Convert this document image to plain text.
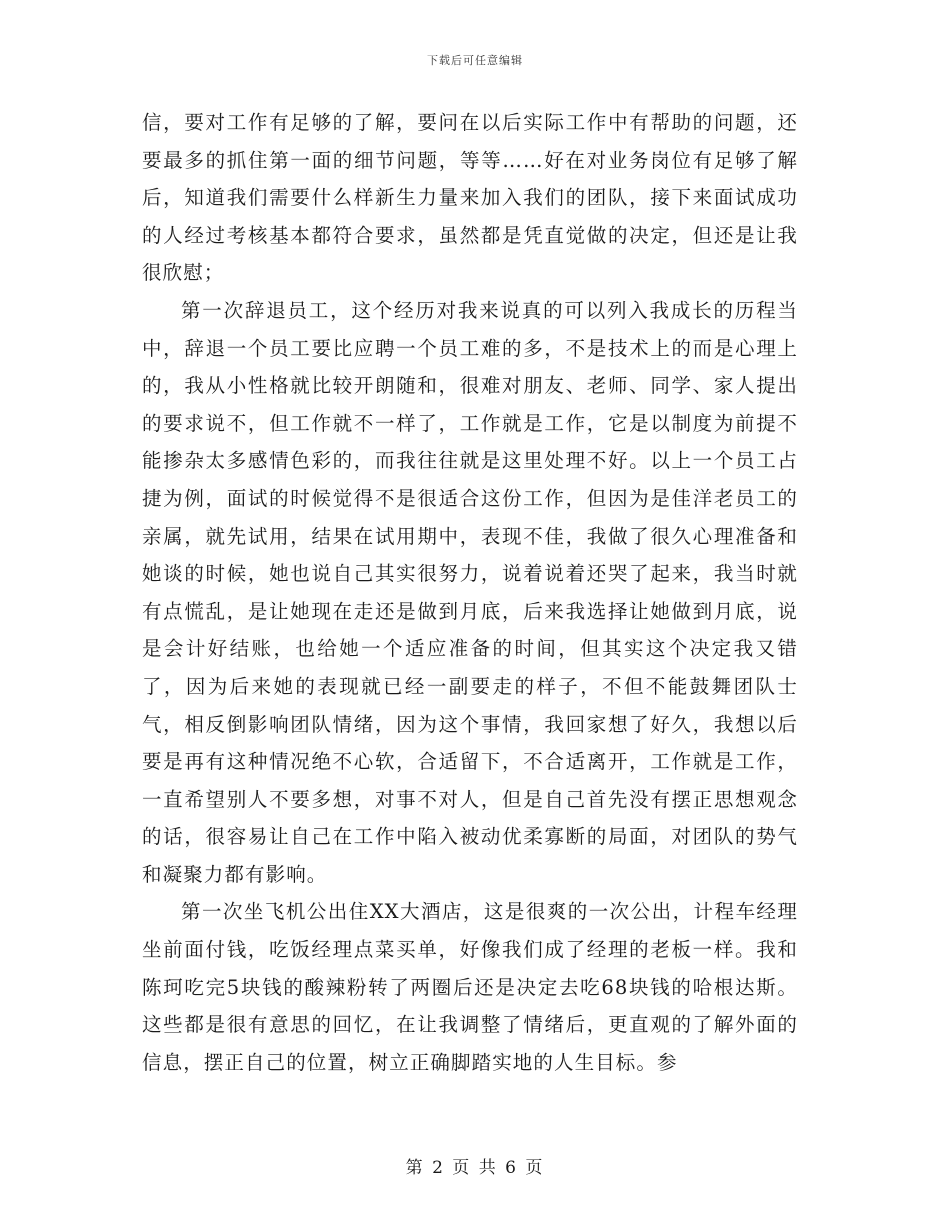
下载后可任意编辑

信，要对工作有足够的了解，要问在以后实际工作中有帮助的问题，还要最多的抓住第一面的细节问题，等等……好在对业务岗位有足够了解后，知道我们需要什么样新生力量来加入我们的团队，接下来面试成功的人经过考核基本都符合要求，虽然都是凭直觉做的决定，但还是让我很欣慰；

第一次辞退员工，这个经历对我来说真的可以列入我成长的历程当中，辞退一个员工要比应聘一个员工难的多，不是技术上的而是心理上的，我从小性格就比较开朗随和，很难对朋友、老师、同学、家人提出的要求说不，但工作就不一样了，工作就是工作，它是以制度为前提不能掺杂太多感情色彩的，而我往往就是这里处理不好。以上一个员工占捷为例，面试的时候觉得不是很适合这份工作，但因为是佳洋老员工的亲属，就先试用，结果在试用期中，表现不佳，我做了很久心理准备和她谈的时候，她也说自己其实很努力，说着说着还哭了起来，我当时就有点慌乱，是让她现在走还是做到月底，后来我选择让她做到月底，说是会计好结账，也给她一个适应准备的时间，但其实这个决定我又错了，因为后来她的表现就已经一副要走的样子，不但不能鼓舞团队士气，相反倒影响团队情绪，因为这个事情，我回家想了好久，我想以后要是再有这种情况绝不心软，合适留下，不合适离开，工作就是工作，一直希望别人不要多想，对事不对人，但是自己首先没有摆正思想观念的话，很容易让自己在工作中陷入被动优柔寡断的局面，对团队的势气和凝聚力都有影响。

第一次坐飞机公出住XX大酒店，这是很爽的一次公出，计程车经理坐前面付钱，吃饭经理点菜买单，好像我们成了经理的老板一样。我和陈珂吃完5块钱的酸辣粉转了两圈后还是决定去吃68块钱的哈根达斯。这些都是很有意思的回忆，在让我调整了情绪后，更直观的了解外面的信息，摆正自己的位置，树立正确脚踏实地的人生目标。参

第 2 页 共 6 页
